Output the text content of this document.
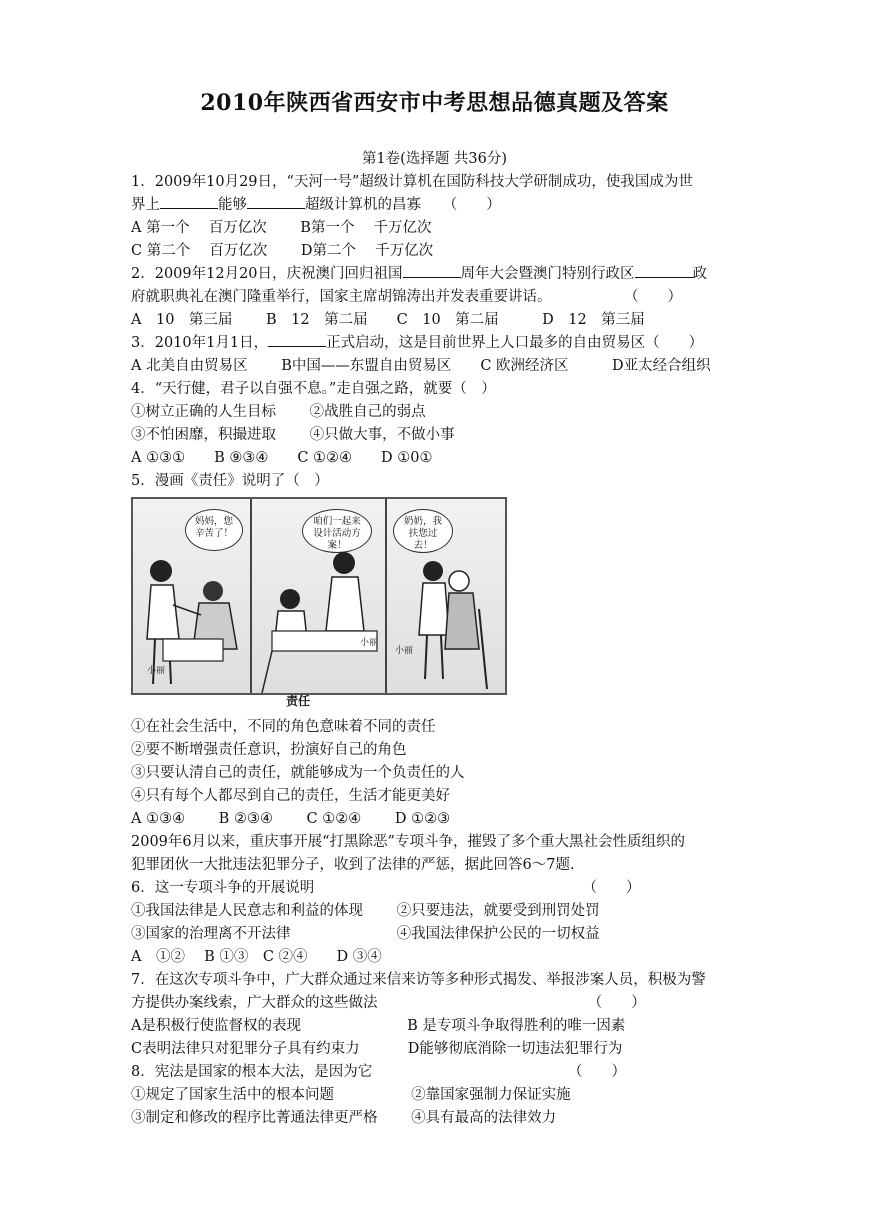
2010年陕西省西安市中考思想品德真题及答案
第1卷(选择题 共36分)
1．2009年10月29日，“天河一号”超级计算机在国防科技大学研制成功，使我国成为世
界上	能够	超级计算机的昌寡　　（　　）
A 第一个　 百万亿次　　 B第一个　 千万亿次
C 第二个　 百万亿次　　 D第二个　 千万亿次
2．2009年12月20日，庆祝澳门回归祖国	周年大会暨澳门特别行政区	政
府就职典礼在澳门隆重举行，国家主席胡锦涛出并发表重要讲话。　　　　　　（　　）
A　10　第三届　　 B　12　第二届　　C　10　第二届　　　D　12　第三届
3．2010年1月1日，	正式启动，这是目前世界上人口最多的自由贸易区（　　）
A 北美自由贸易区　　 B中国——东盟自由贸易区　　C 欧洲经济区　　　D亚太经合组织
4．“天行健，君子以自强不息。”走自强之路，就要（　）
①树立正确的人生目标　　 ②战胜自己的弱点
③不怕困靡，积撮进取　　 ④只做大事，不做小事
A ①③①　　B ⑨③④　　C ①②④　　D ①0①
5．漫画《责任》说明了（　）
妈妈，您辛苦了！
小丽
咱们一起来设计活动方案！
小丽
奶奶，我扶您过去！
小丽
责任
①在社会生活中，不同的角色意味着不同的责任
②要不断增强责任意识，扮演好自己的角色
③只要认清自己的责任，就能够成为一个负责任的人
④只有每个人都尽到自己的责任，生活才能更美好
A ①③④　　 B ②③④　　 C ①②④　　 D ①②③
2009年6月以来，重庆事开展“打黑除恶”专项斗争，摧毁了多个重大黑社会性质组织的
犯罪团伙一大批违法犯罪分子，收到了法律的严惩，据此回答6～7题.
6．这一专项斗争的开展说明　　　　　　　　　　　　　　　　　　　（　　）
①我国法律是人民意志和利益的体现　　 ②只要违法，就要受到刑罚处罚
③国家的治理离不开法律　　　　　　　 ④我国法律保护公民的一切权益
A　①②　 B ①③　C ②④　　D ③④
7．在这次专项斗争中，广大群众通过来信来访等多种形式揭发、举报涉案人员，积极为警
方提供办案线索，广大群众的这些做法　　　　　　　　　　　　　　　（　　）
A是积极行使监督权的表现　　　　　　　 B 是专项斗争取得胜利的唯一因素
C表明法律只对犯罪分子具有约束力　　　 D能够彻底消除一切违法犯罪行为
8．宪法是国家的根本大法，是因为它　　　　　　　　　　　　　　（　　）
①规定了国家生活中的根本问题　　　　　 ②靠国家强制力保证实施
③制定和修改的程序比菁通法律更严格　　 ④具有最高的法律效力
